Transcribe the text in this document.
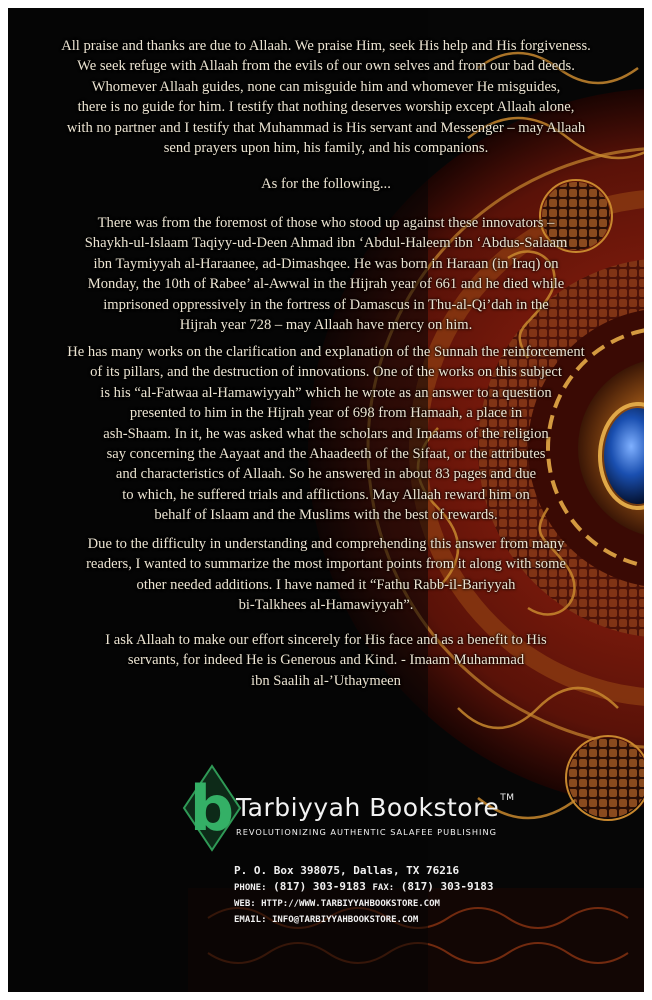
All praise and thanks are due to Allaah. We praise Him, seek His help and His forgiveness.

We seek refuge with Allaah from the evils of our own selves and from our bad deeds.

Whomever Allaah guides, none can misguide him and whomever He misguides,

there is no guide for him. I testify that nothing deserves worship except Allaah alone,

with no partner and I testify that Muhammad is His servant and Messenger – may Allaah

send prayers upon him, his family, and his companions.

As for the following...

There was from the foremost of those who stood up against these innovators –

Shaykh-ul-Islaam Taqiyy-ud-Deen Ahmad ibn ‘Abdul-Haleem ibn ‘Abdus-Salaam

ibn Taymiyyah al-Haraanee, ad-Dimashqee. He was born in Haraan (in Iraq) on

Monday, the 10th of Rabee’ al-Awwal in the Hijrah year of 661 and he died while

imprisoned oppressively in the fortress of Damascus in Thu-al-Qi’dah in the

Hijrah year 728 – may Allaah have mercy on him.

He has many works on the clarification and explanation of the Sunnah the reinforcement

of its pillars, and the destruction of innovations. One of the works on this subject

is his “al-Fatwaa al-Hamawiyyah” which he wrote as an answer to a question

presented to him in the Hijrah year of 698 from Hamaah, a place in

ash-Shaam. In it, he was asked what the scholars and Imaams of the religion

say concerning the Aayaat and the Ahaadeeth of the Sifaat, or the attributes

and characteristics of Allaah. So he answered in about 83 pages and due

to which, he suffered trials and afflictions. May Allaah reward him on

behalf of Islaam and the Muslims with the best of rewards.

Due to the difficulty in understanding and comprehending this answer from many

readers, I wanted to summarize the most important points from it along with some

other needed additions. I have named it “Fathu Rabb-il-Bariyyah

bi-Talkhees al-Hamawiyyah”.

I ask Allaah to make our effort sincerely for His face and as a benefit to His

servants, for indeed He is Generous and Kind. - Imaam Muhammad

ibn Saalih al-’Uthaymeen

b Tarbiyyah Bookstore™
REVOLUTIONIZING AUTHENTIC SALAFEE PUBLISHING
P. O. Box 398075, Dallas, TX 76216
PHONE: (817) 303-9183 FAX: (817) 303-9183
WEB: HTTP://WWW.TARBIYYAHBOOKSTORE.COM
EMAIL: INFO@TARBIYYAHBOOKSTORE.COM
